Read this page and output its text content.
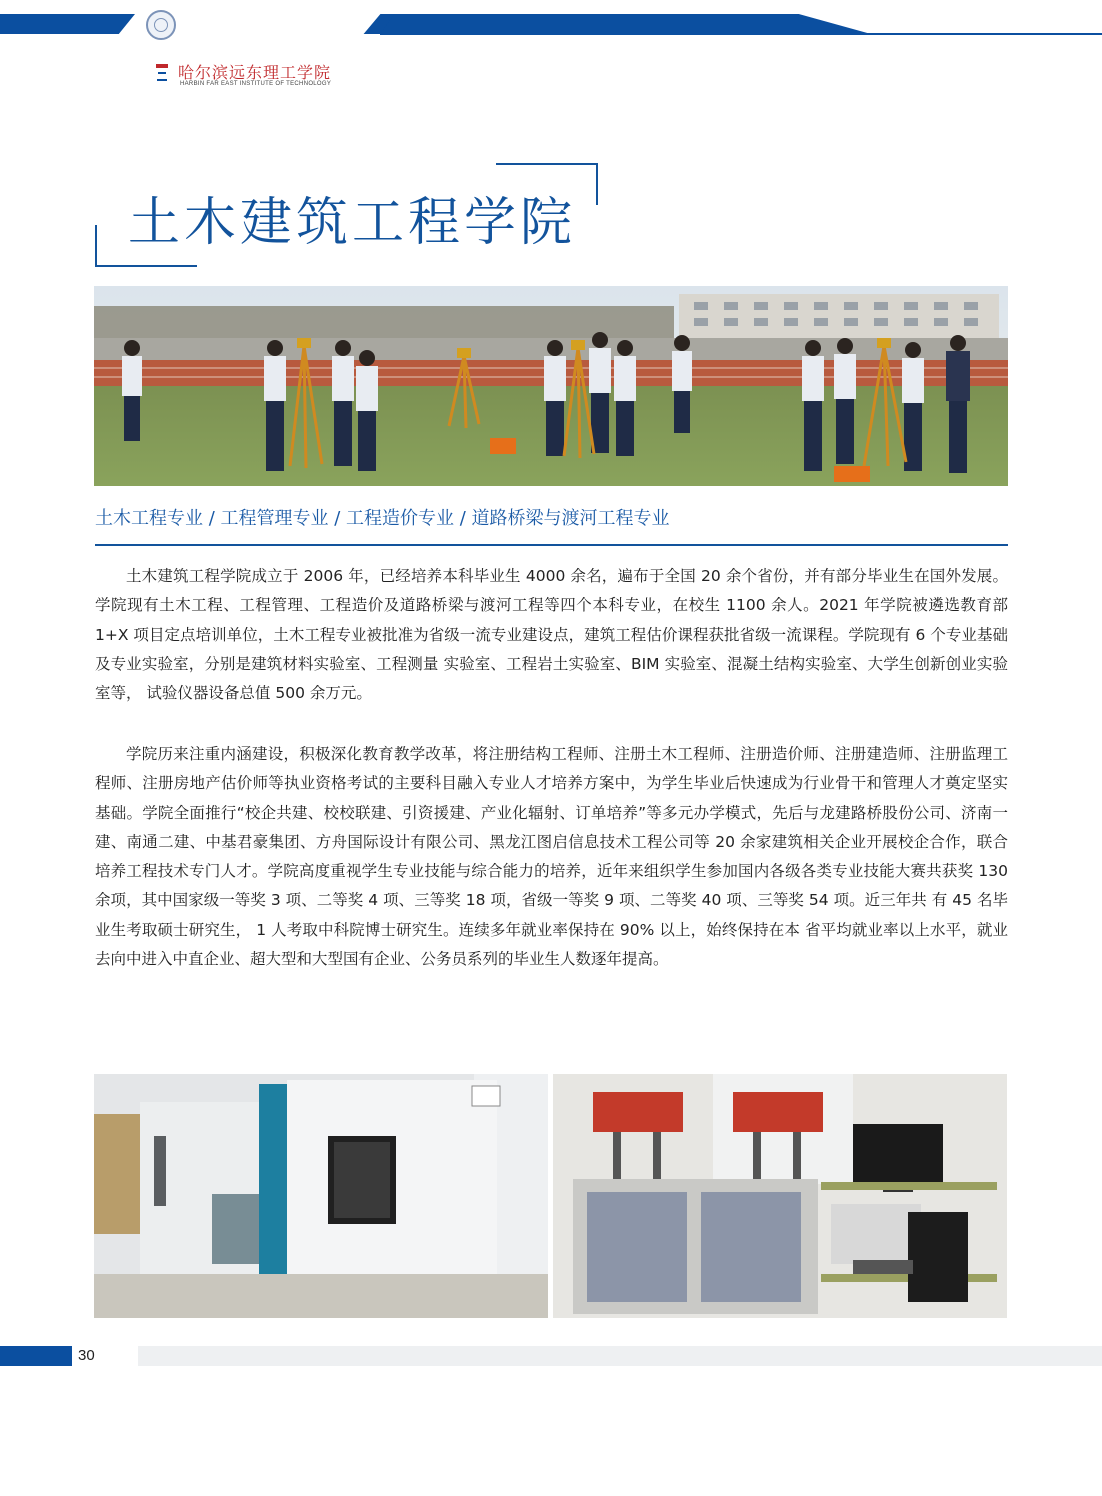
哈尔滨远东理工学院
HARBIN FAR EAST INSTITUTE OF TECHNOLOGY
土木建筑工程学院
土木工程专业 / 工程管理专业 / 工程造价专业 / 道路桥梁与渡河工程专业

土木建筑工程学院成立于 2006 年，已经培养本科毕业生 4000 余名，遍布于全国 20 余个省份，并有部分毕业生在国外发展。学院现有土木工程、工程管理、工程造价及道路桥梁与渡河工程等四个本科专业，在校生 1100 余人。2021 年学院被遴选教育部 1+X 项目定点培训单位，土木工程专业被批准为省级一流专业建设点，建筑工程估价课程获批省级一流课程。学院现有 6 个专业基础及专业实验室，分别是建筑材料实验室、工程测量 实验室、工程岩土实验室、BIM 实验室、混凝土结构实验室、大学生创新创业实验室等， 试验仪器设备总值 500 余万元。

学院历来注重内涵建设，积极深化教育教学改革，将注册结构工程师、注册土木工程师、注册造价师、注册建造师、注册监理工程师、注册房地产估价师等执业资格考试的主要科目融入专业人才培养方案中，为学生毕业后快速成为行业骨干和管理人才奠定坚实基础。学院全面推行“校企共建、校校联建、引资援建、产业化辐射、订单培养”等多元办学模式，先后与龙建路桥股份公司、济南一建、南通二建、中基君豪集团、方舟国际设计有限公司、黑龙江图启信息技术工程公司等 20 余家建筑相关企业开展校企合作，联合培养工程技术专门人才。学院高度重视学生专业技能与综合能力的培养，近年来组织学生参加国内各级各类专业技能大赛共获奖 130 余项，其中国家级一等奖 3 项、二等奖 4 项、三等奖 18 项，省级一等奖 9 项、二等奖 40 项、三等奖 54 项。近三年共 有 45 名毕业生考取硕士研究生， 1 人考取中科院博士研究生。连续多年就业率保持在 90% 以上，始终保持在本 省平均就业率以上水平，就业去向中进入中直企业、超大型和大型国有企业、公务员系列的毕业生人数逐年提高。

30
